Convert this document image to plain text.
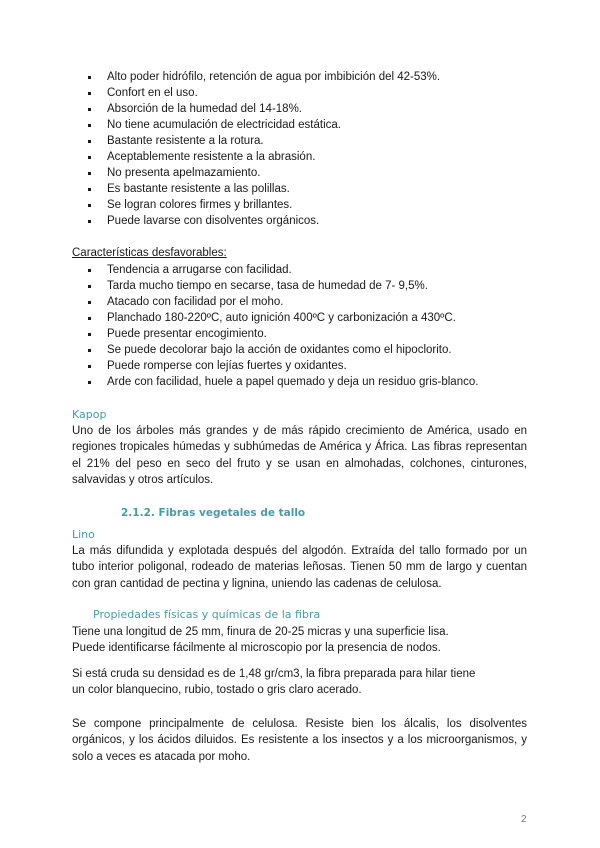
Alto poder hidrófilo, retención de agua por imbibición del 42-53%.
Confort en el uso.
Absorción de la humedad del 14-18%.
No tiene acumulación de electricidad estática.
Bastante resistente a la rotura.
Aceptablemente resistente a la abrasión.
No presenta apelmazamiento.
Es bastante resistente a las polillas.
Se logran colores firmes y brillantes.
Puede lavarse con disolventes orgánicos.
Características desfavorables:
Tendencia a arrugarse con facilidad.
Tarda mucho tiempo en secarse, tasa de humedad de 7- 9,5%.
Atacado con facilidad por el moho.
Planchado 180-220ºC, auto ignición 400ºC y carbonización a 430ºC.
Puede presentar encogimiento.
Se puede decolorar bajo la acción de oxidantes como el hipoclorito.
Puede romperse con lejías fuertes y oxidantes.
Arde con facilidad, huele a papel quemado y deja un residuo gris-blanco.
Kapop

Uno de los árboles más grandes y de más rápido crecimiento de América, usado en regiones tropicales húmedas y subhúmedas de América y África. Las fibras representan el 21% del peso en seco del fruto y se usan en almohadas, colchones, cinturones, salvavidas y otros artículos.

2.1.2. Fibras vegetales de tallo
Lino

La más difundida y explotada después del algodón. Extraída del tallo formado por un tubo interior poligonal, rodeado de materias leñosas. Tienen 50 mm de largo y cuentan con gran cantidad de pectina y lignina, uniendo las cadenas de celulosa.

Propiedades físicas y químicas de la fibra
Tiene una longitud de 25 mm, finura de 20-25 micras y una superficie lisa.
Puede identificarse fácilmente al microscopio por la presencia de nodos.
Si está cruda su densidad es de 1,48 gr/cm3, la fibra preparada para hilar tiene
un color blanquecino, rubio, tostado o gris claro acerado.

Se compone principalmente de celulosa. Resiste bien los álcalis, los disolventes orgánicos, y los ácidos diluidos. Es resistente a los insectos y a los microorganismos, y solo a veces es atacada por moho.

2
